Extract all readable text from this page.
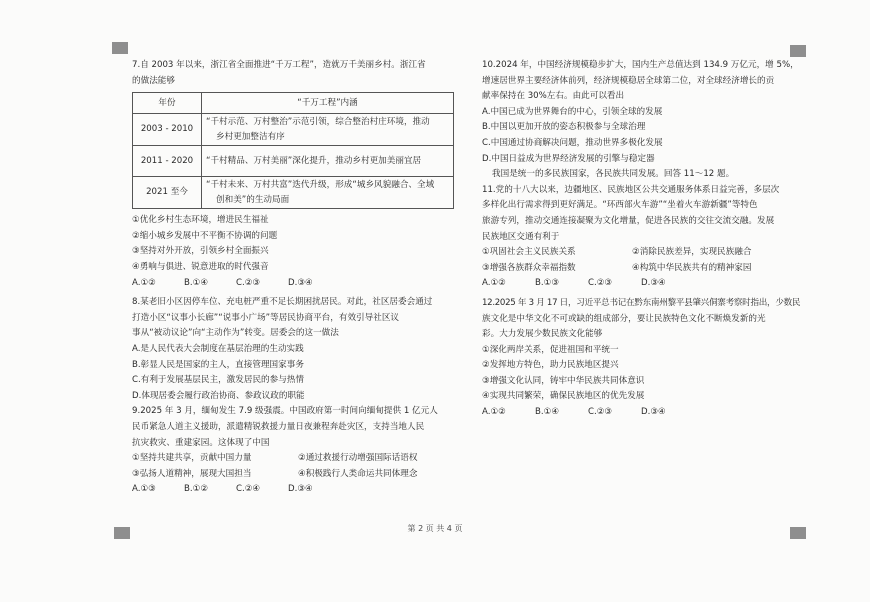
7.自 2003 年以来，浙江省全面推进“千万工程”，造就万千美丽乡村。浙江省

的做法能够

年份	“千万工程”内涵
2003 - 2010	“千村示范、万村整治”示范引领，综合整治村庄环境，推动
乡村更加整洁有序

2011 - 2020	“千村精品、万村美丽”深化提升，推动乡村更加美丽宜居
2021 至今	“千村未来、万村共富”迭代升级，形成“城乡风貌融合、全域
创和美”的生动局面

①优化乡村生态环境，增进民生福祉

②缩小城乡发展中不平衡不协调的问题

③坚持对外开放，引领乡村全面振兴

④勇响与俱进、锐意进取的时代强音

A.①②	B.①④	C.②③	D.③④

8.某老旧小区因停车位、充电桩严重不足长期困扰居民。对此，社区居委会通过

打造小区“议事小长廊”“说事小广场”等居民协商平台，有效引导社区议

事从“被动议论”向“主动作为”转变。居委会的这一做法

A.是人民代表大会制度在基层治理的生动实践

B.彰显人民是国家的主人，直接管理国家事务

C.有利于发展基层民主，激发居民的参与热情

D.体现居委会履行政治协商、参政议政的职能

9.2025 年 3 月，缅甸发生 7.9 级强震。中国政府第一时间向缅甸提供 1 亿元人

民币紧急人道主义援助，派遣精锐救援力量日夜兼程奔赴灾区，支持当地人民

抗灾救灾、重建家园。这体现了中国

①坚持共建共享，贡献中国力量	②通过救援行动增强国际话语权

③弘扬人道精神，展现大国担当	④积极践行人类命运共同体理念

A.①③	B.①②	C.②④	D.③④

10.2024 年，中国经济规模稳步扩大，国内生产总值达到 134.9 万亿元，增 5%，

增速居世界主要经济体前列，经济规模稳居全球第二位，对全球经济增长的贡

献率保持在 30%左右。由此可以看出

A.中国已成为世界舞台的中心，引领全球的发展

B.中国以更加开放的姿态积极参与全球治理

C.中国通过协商解决问题，推动世界多极化发展

D.中国日益成为世界经济发展的引擎与稳定器

我国是统一的多民族国家，各民族共同发展。回答 11～12 题。

11.党的十八大以来，边疆地区、民族地区公共交通服务体系日益完善，多层次

多样化出行需求得到更好满足。“环西部火车游”“坐着火车游新疆”等特色

旅游专列，推动交通连接凝聚为文化增量，促进各民族的交往交流交融。发展

民族地区交通有利于

①巩固社会主义民族关系	②消除民族差异，实现民族融合

③增强各族群众幸福指数	④构筑中华民族共有的精神家园

A.①②	B.①③	C.②③	D.③④

12.2025 年 3 月 17 日，习近平总书记在黔东南州黎平县肇兴侗寨考察时指出，少数民

族文化是中华文化不可或缺的组成部分，要让民族特色文化不断焕发新的光

彩。大力发展少数民族文化能够

①深化两岸关系，促进祖国和平统一

②发挥地方特色，助力民族地区提兴

③增强文化认同，铸牢中华民族共同体意识

④实现共同繁荣，确保民族地区的优先发展

A.①②	B.①④	C.②③	D.③④

第 2 页 共 4 页
